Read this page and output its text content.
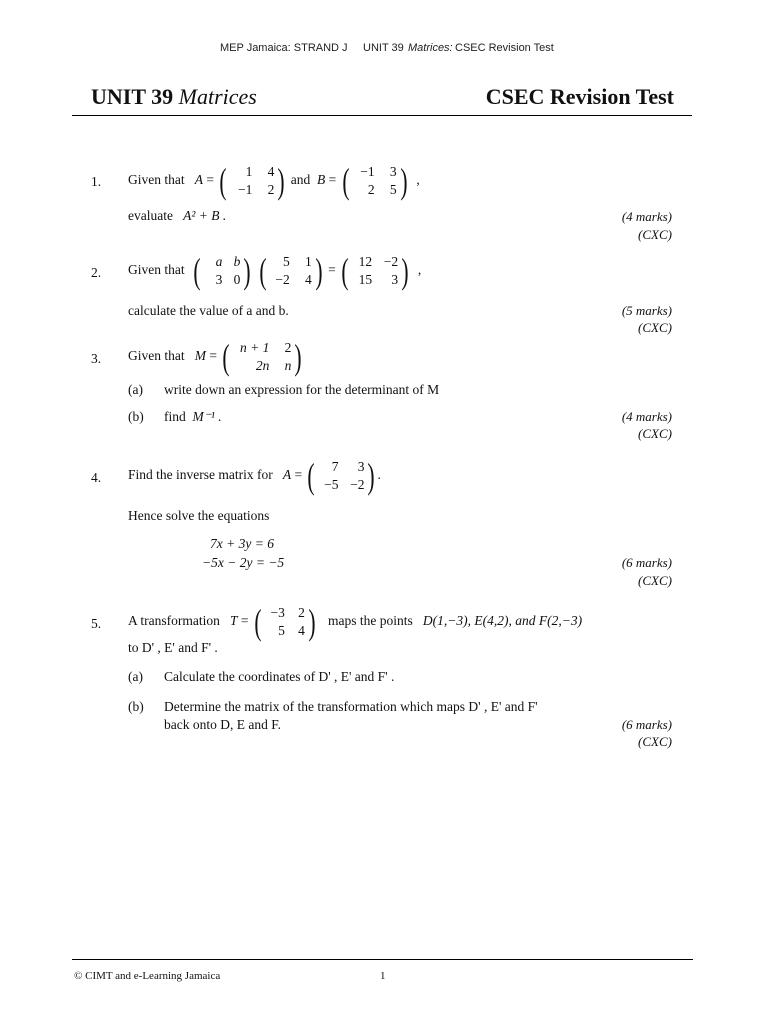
MEP Jamaica: STRAND J UNIT 39 Matrices: CSEC Revision Test
UNIT 39 Matrices	CSEC Revision Test
1. Given that A = (	1	4
−1	2 ) and B = ( −1	3
2	5 ) ,
evaluate A² + B .	(4 marks)
(CXC)
2. Given that (	a b
3 0 )
(	5	1
−2	4 ) = ( 12 −2
15	3 ) ,
calculate the value of a and b.	(5 marks)
(CXC)
3. Given that M = ( n + 1	2
2n	n )
(a) write down an expression for the determinant of M
(b) find M⁻¹ .	(4 marks)
(CXC)
4. Find the inverse matrix for A = (	7	3
−5 −2 ) .
Hence solve the equations
7x + 3y = 6
−5x − 2y = −5	(6 marks)
(CXC)
5. A transformation T = ( −3 2
5 4 ) maps the points D(1,−3), E(4,2), and F(2,−3)
to D' , E' and F' .
(a) Calculate the coordinates of D' , E' and F' .
(b) Determine the matrix of the transformation which maps D' , E' and F'
back onto D, E and F.	(6 marks)
(CXC)
© CIMT and e-Learning Jamaica	1
